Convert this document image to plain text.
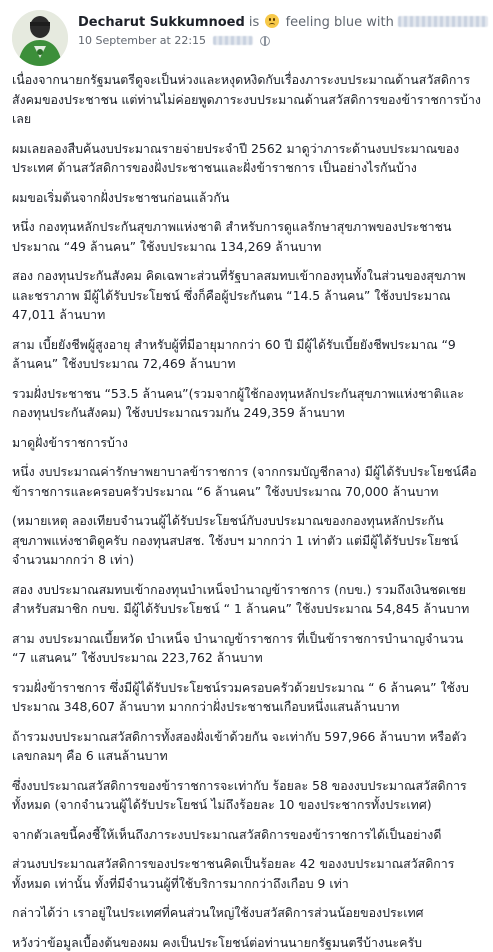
Decharut Sukkumnoed is feeling blue with
10 September at 22:15

เนื่องจากนายกรัฐมนตรีดูจะเป็นห่วงและหงุดหงิดกับเรื่องภาระงบประมาณด้านสวัสดิการสังคมของประชาชน แต่ท่านไม่ค่อยพูดภาระงบประมาณด้านสวัสดิการของข้าราชการบ้างเลย

ผมเลยลองสืบค้นงบประมาณรายจ่ายประจำปี 2562 มาดูว่าภาระด้านงบประมาณของประเทศ ด้านสวัสดิการของฝั่งประชาชนและฝั่งข้าราชการ เป็นอย่างไรกันบ้าง

ผมขอเริ่มต้นจากฝั่งประชาชนก่อนแล้วกัน

หนึ่ง กองทุนหลักประกันสุขภาพแห่งชาติ สำหรับการดูแลรักษาสุขภาพของประชาชน ประมาณ “49 ล้านคน” ใช้งบประมาณ 134,269 ล้านบาท

สอง กองทุนประกันสังคม คิดเฉพาะส่วนที่รัฐบาลสมทบเข้ากองทุนทั้งในส่วนของสุขภาพและชราภาพ มีผู้ได้รับประโยชน์ ซึ่งก็คือผู้ประกันตน “14.5 ล้านคน” ใช้งบประมาณ 47,011 ล้านบาท

สาม เบี้ยยังชีพผู้สูงอายุ สำหรับผู้ที่มีอายุมากกว่า 60 ปี มีผู้ได้รับเบี้ยยังชีพประมาณ “9 ล้านคน” ใช้งบประมาณ 72,469 ล้านบาท

รวมฝั่งประชาชน “53.5 ล้านคน”(รวมจากผู้ใช้กองทุนหลักประกันสุขภาพแห่งชาติและกองทุนประกันสังคม) ใช้งบประมาณรวมกัน 249,359 ล้านบาท

มาดูฝั่งข้าราชการบ้าง

หนึ่ง งบประมาณค่ารักษาพยาบาลข้าราชการ (จากกรมบัญชีกลาง) มีผู้ได้รับประโยชน์คือข้าราชการและครอบครัวประมาณ “6 ล้านคน” ใช้งบประมาณ 70,000 ล้านบาท

(หมายเหตุ ลองเทียบจำนวนผู้ได้รับประโยชน์กับงบประมาณของกองทุนหลักประกันสุขภาพแห่งชาติดูครับ กองทุนสปสช. ใช้งบฯ มากกว่า 1 เท่าตัว แต่มีผู้ได้รับประโยชน์จำนวนมากกว่า 8 เท่า)

สอง งบประมาณสมทบเข้ากองทุนบำเหน็จบำนาญข้าราชการ (กบข.) รวมถึงเงินชดเชย สำหรับสมาชิก กบข. มีผู้ได้รับประโยชน์ “ 1 ล้านคน” ใช้งบประมาณ 54,845 ล้านบาท

สาม งบประมาณเบี้ยหวัด บำเหน็จ บำนาญข้าราชการ ที่เป็นข้าราชการบำนาญจำนวน “7 แสนคน” ใช้งบประมาณ 223,762 ล้านบาท

รวมฝั่งข้าราชการ ซึ่งมีผู้ได้รับประโยชน์รวมครอบครัวด้วยประมาณ “ 6 ล้านคน” ใช้งบประมาณ 348,607 ล้านบาท มากกว่าฝั่งประชาชนเกือบหนึ่งแสนล้านบาท

ถ้ารวมงบประมาณสวัสดิการทั้งสองฝั่งเข้าด้วยกัน จะเท่ากับ 597,966 ล้านบาท หรือตัวเลขกลมๆ คือ 6 แสนล้านบาท

ซึ่งงบประมาณสวัสดิการของข้าราชการจะเท่ากับ ร้อยละ 58 ของงบประมาณสวัสดิการทั้งหมด (จากจำนวนผู้ได้รับประโยชน์ ไม่ถึงร้อยละ 10 ของประชากรทั้งประเทศ)

จากตัวเลขนี้คงชี้ให้เห็นถึงภาระงบประมาณสวัสดิการของข้าราชการได้เป็นอย่างดี

ส่วนงบประมาณสวัสดิการของประชาชนคิดเป็นร้อยละ 42 ของงบประมาณสวัสดิการทั้งหมด เท่านั้น ทั้งที่มีจำนวนผู้ที่ใช้บริการมากกว่าถึงเกือบ 9 เท่า

กล่าวได้ว่า เราอยู่ในประเทศที่คนส่วนใหญ่ใช้งบสวัสดิการส่วนน้อยของประเทศ

หวังว่าข้อมูลเบื้องต้นของผม คงเป็นประโยชน์ต่อท่านนายกรัฐมนตรีบ้างนะครับ
